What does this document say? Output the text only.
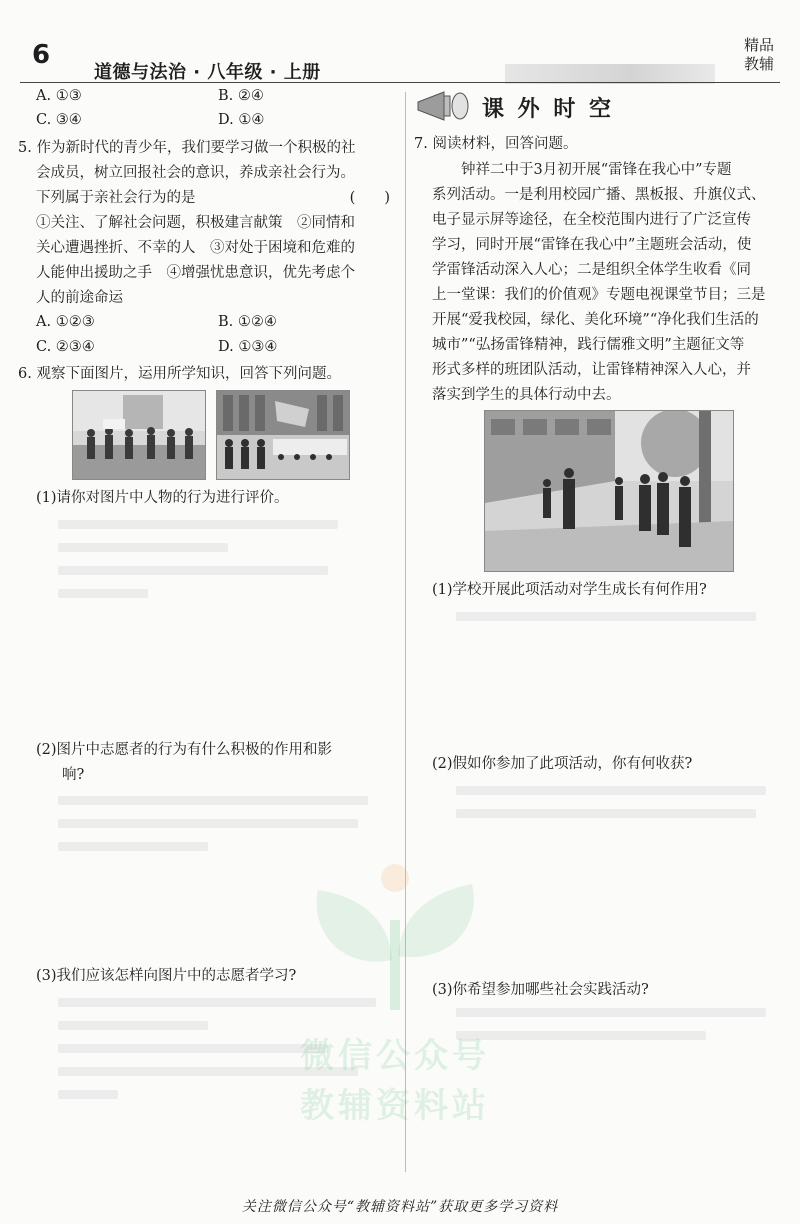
6
道德与法治 · 八年级 · 上册
精品
教辅
A. ①③	B. ②④
C. ③④	D. ①④
5. 作为新时代的青少年，我们要学习做一个积极的社
会成员，树立回报社会的意识，养成亲社会行为。
下列属于亲社会行为的是	(　　)
①关注、了解社会问题，积极建言献策　②同情和
关心遭遇挫折、不幸的人　③对处于困境和危难的
人能伸出援助之手　④增强忧患意识，优先考虑个
人的前途命运
A. ①②③	B. ①②④
C. ②③④	D. ①③④
6. 观察下面图片，运用所学知识，回答下列问题。
(1)请你对图片中人物的行为进行评价。
(2)图片中志愿者的行为有什么积极的作用和影
响?
(3)我们应该怎样向图片中的志愿者学习?
课 外 时 空
7. 阅读材料，回答问题。
钟祥二中于3月初开展“雷锋在我心中”专题
系列活动。一是利用校园广播、黑板报、升旗仪式、
电子显示屏等途径，在全校范围内进行了广泛宣传
学习，同时开展“雷锋在我心中”主题班会活动，使
学雷锋活动深入人心；二是组织全体学生收看《同
上一堂课：我们的价值观》专题电视课堂节目；三是
开展“爱我校园，绿化、美化环境”“净化我们生活的
城市”“弘扬雷锋精神，践行儒雅文明”主题征文等
形式多样的班团队活动，让雷锋精神深入人心，并
落实到学生的具体行动中去。
(1)学校开展此项活动对学生成长有何作用?
(2)假如你参加了此项活动，你有何收获?
(3)你希望参加哪些社会实践活动?
微信公众号
教辅资料站
关注微信公众号“教辅资料站”获取更多学习资料
